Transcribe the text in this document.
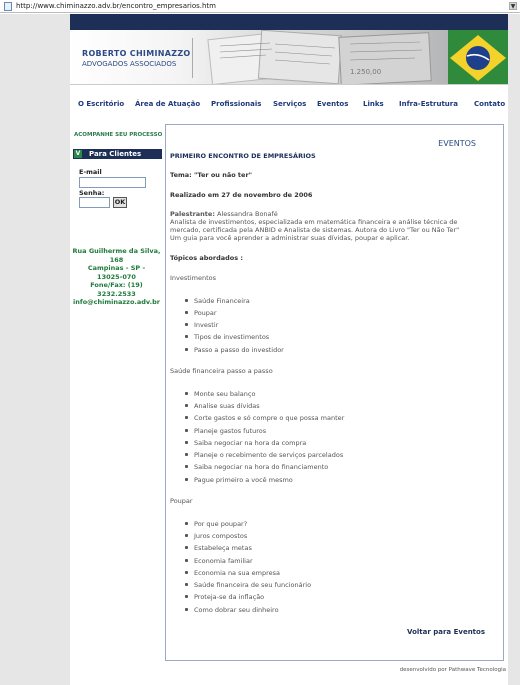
http://www.chiminazzo.adv.br/encontro_empresarios.htm	▼
ROBERTO CHIMINAZZO
ADVOGADOS ASSOCIADOS
1.250,00
O Escritório Área de Atuação Profissionais Serviços Eventos Links Infra-Estrutura Contato
ACOMPANHE SEU PROCESSO
V Para Clientes
E-mail
Senha:
OK
Rua Guilherme da Silva,
168
Campinas - SP -
13025-070
Fone/Fax: (19)
3232.2533
info@chiminazzo.adv.br
EVENTOS
PRIMEIRO ENCONTRO DE EMPRESÁRIOS
Tema: "Ter ou não ter"
Realizado em 27 de novembro de 2006
Palestrante: Alessandra Bonafé
Analista de investimentos, especializada em matemática financeira e análise técnica de
mercado, certificada pela ANBID e Analista de sistemas. Autora do Livro "Ter ou Não Ter"
Um guia para você aprender a administrar suas dívidas, poupar e aplicar.
Tópicos abordados :
Investimentos
Saúde Financeira
Poupar
Investir
Tipos de investimentos
Passo a passo do investidor
Saúde financeira passo a passo
Monte seu balanço
Analise suas dívidas
Corte gastos e só compre o que possa manter
Planeje gastos futuros
Saiba negociar na hora da compra
Planeje o recebimento de serviços parcelados
Saiba negociar na hora do financiamento
Pague primeiro a você mesmo
Poupar
Por que poupar?
Juros compostos
Estabeleça metas
Economia familiar
Economia na sua empresa
Saúde financeira de seu funcionário
Proteja-se da inflação
Como dobrar seu dinheiro
Voltar para Eventos
desenvolvido por Pathwave Tecnologia
